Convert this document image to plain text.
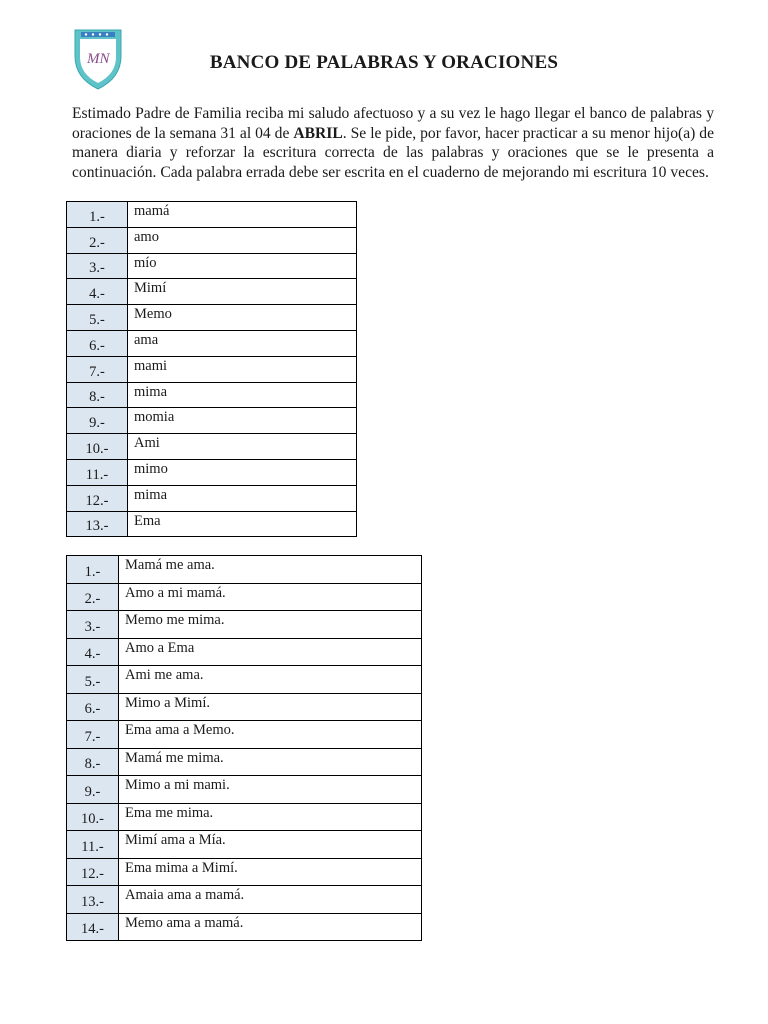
MN	BANCO DE PALABRAS Y ORACIONES
Estimado Padre de Familia reciba mi saludo afectuoso y a su vez le hago llegar el banco de palabras y oraciones de la semana 31 al 04 de ABRIL. Se le pide, por favor, hacer practicar a su menor hijo(a) de manera diaria y reforzar la escritura correcta de las palabras y oraciones que se le presenta a continuación. Cada palabra errada debe ser escrita en el cuaderno de mejorando mi escritura 10 veces.
1.-	mamá
2.-	amo
3.-	mío
4.-	Mimí
5.-	Memo
6.-	ama
7.-	mami
8.-	mima
9.-	momia
10.-	Ami
11.-	mimo
12.-	mima
13.-	Ema
1.-	Mamá me ama.
2.-	Amo a mi mamá.
3.-	Memo me mima.
4.-	Amo a Ema
5.-	Ami me ama.
6.-	Mimo a Mimí.
7.-	Ema ama a Memo.
8.-	Mamá me mima.
9.-	Mimo a mi mami.
10.-	Ema me mima.
11.-	Mimí ama a Mía.
12.-	Ema mima a Mimí.
13.-	Amaia ama a mamá.
14.-	Memo ama a mamá.
